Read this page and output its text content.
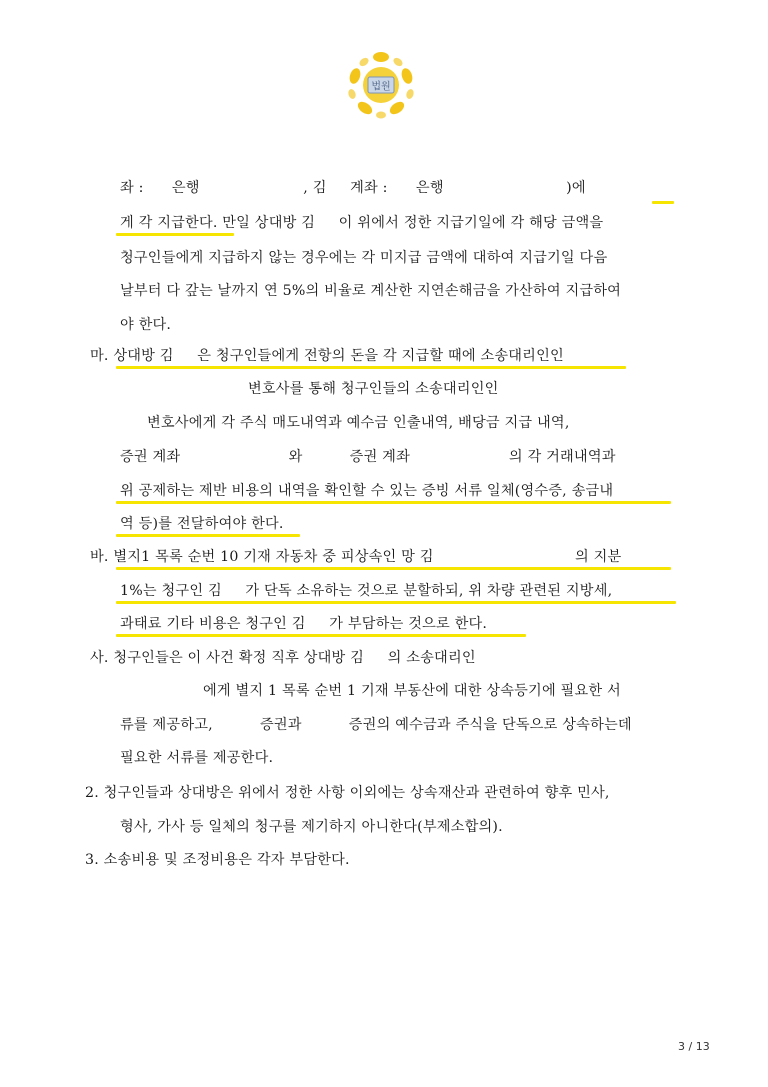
법원
좌 :      은행                      , 김     계좌 :      은행                          )에
게 각 지급한다. 만일 상대방 김     이 위에서 정한 지급기일에 각 해당 금액을
청구인들에게 지급하지 않는 경우에는 각 미지급 금액에 대하여 지급기일 다음
날부터 다 갚는 날까지 연 5%의 비율로 계산한 지연손해금을 가산하여 지급하여
야 한다.
마. 상대방 김     은 청구인들에게 전항의 돈을 각 지급할 때에 소송대리인인
변호사를 통해 청구인들의 소송대리인인
변호사에게 각 주식 매도내역과 예수금 인출내역, 배당금 지급 내역,
증권 계좌                       와          증권 계좌                     의 각 거래내역과
위 공제하는 제반 비용의 내역을 확인할 수 있는 증빙 서류 일체(영수증, 송금내
역 등)를 전달하여야 한다.
바. 별지1 목록 순번 10 기재 자동차 중 피상속인 망 김                              의 지분
1%는 청구인 김     가 단독 소유하는 것으로 분할하되, 위 차량 관련된 지방세,
과태료 기타 비용은 청구인 김     가 부담하는 것으로 한다.
사. 청구인들은 이 사건 확정 직후 상대방 김     의 소송대리인
에게 별지 1 목록 순번 1 기재 부동산에 대한 상속등기에 필요한 서
류를 제공하고,          증권과          증권의 예수금과 주식을 단독으로 상속하는데
필요한 서류를 제공한다.
2. 청구인들과 상대방은 위에서 정한 사항 이외에는 상속재산과 관련하여 향후 민사,
형사, 가사 등 일체의 청구를 제기하지 아니한다(부제소합의).
3. 소송비용 및 조정비용은 각자 부담한다.
3 / 13
